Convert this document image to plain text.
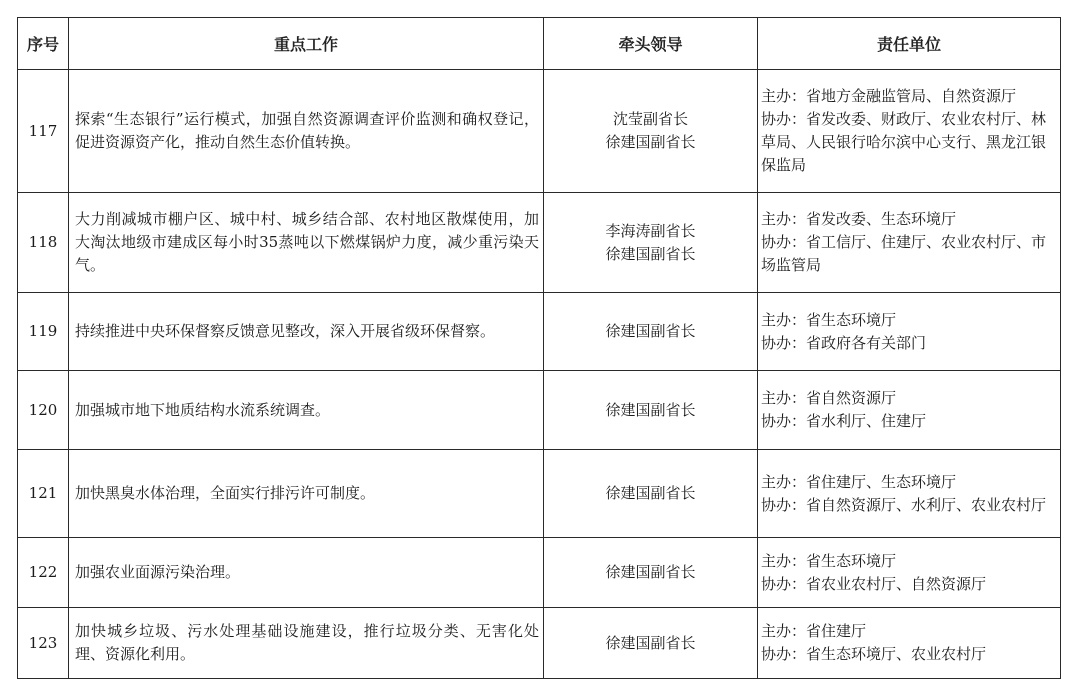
序号	重点工作	牵头领导	责任单位
117	探索“生态银行”运行模式，加强自然资源调查评价监测和确权登记，促进资源资产化，推动自然生态价值转换。	沈莹副省长
徐建国副省长	主办：省地方金融监管局、自然资源厅
协办：省发改委、财政厅、农业农村厅、林草局、人民银行哈尔滨中心支行、黑龙江银保监局

118	大力削减城市棚户区、城中村、城乡结合部、农村地区散煤使用，加大淘汰地级市建成区每小时35蒸吨以下燃煤锅炉力度，减少重污染天气。	李海涛副省长
徐建国副省长	主办：省发改委、生态环境厅
协办：省工信厅、住建厅、农业农村厅、市场监管局

119	持续推进中央环保督察反馈意见整改，深入开展省级环保督察。	徐建国副省长	主办：省生态环境厅
协办：省政府各有关部门

120	加强城市地下地质结构水流系统调查。	徐建国副省长	主办：省自然资源厅
协办：省水利厅、住建厅

121	加快黑臭水体治理，全面实行排污许可制度。	徐建国副省长	主办：省住建厅、生态环境厅
协办：省自然资源厅、水利厅、农业农村厅

122	加强农业面源污染治理。	徐建国副省长	主办：省生态环境厅
协办：省农业农村厅、自然资源厅

123	加快城乡垃圾、污水处理基础设施建设，推行垃圾分类、无害化处理、资源化利用。	徐建国副省长	主办：省住建厅
协办：省生态环境厅、农业农村厅
